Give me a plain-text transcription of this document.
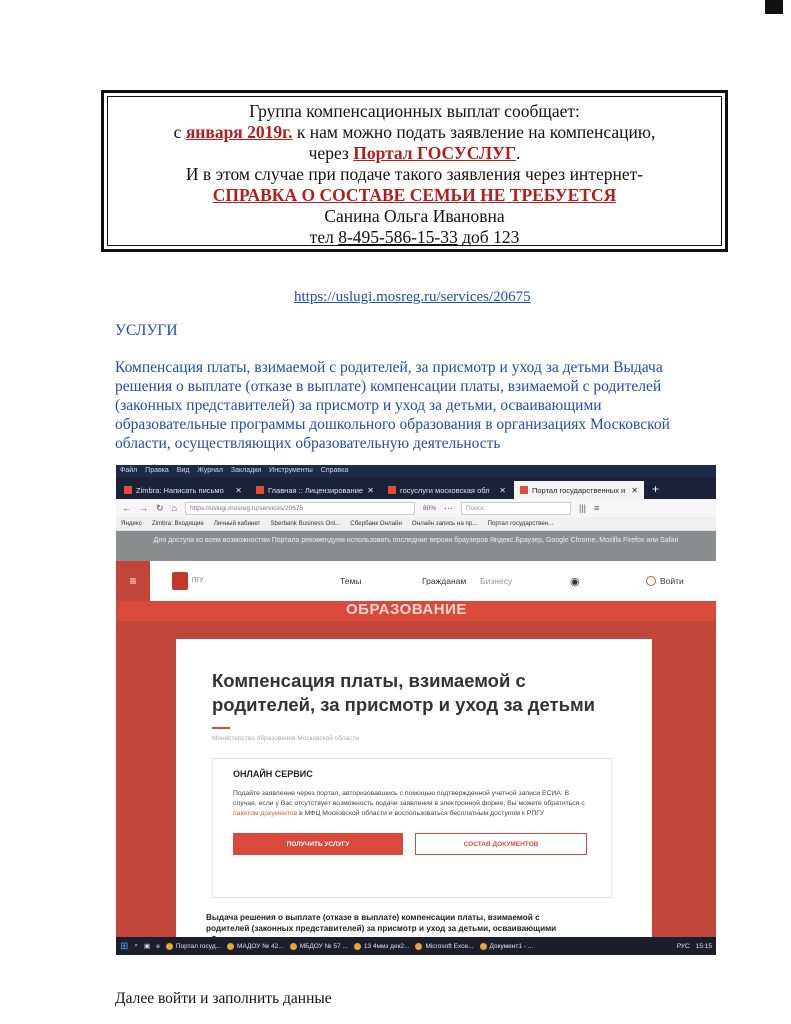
Группа компенсационных выплат сообщает:
с января 2019г. к нам можно подать заявление на компенсацию,
через Портал ГОСУСЛУГ.
И в этом случае при подаче такого заявления через интернет-
СПРАВКА О СОСТАВЕ СЕМЬИ НЕ ТРЕБУЕТСЯ
Санина Ольга Ивановна
тел 8-495-586-15-33 доб 123
https://uslugi.mosreg.ru/services/20675
УСЛУГИ
Компенсация платы, взимаемой с родителей, за присмотр и уход за детьми Выдача решения о выплате (отказе в выплате) компенсации платы, взимаемой с родителей (законных представителей) за присмотр и уход за детьми, осваивающими образовательные программы дошкольного образования в организациях Московской области, осуществляющих образовательную деятельность
Файл Правка Вид Журнал Закладки Инструменты Справка
Zimbra: Написать письмо ✕	Главная :: Лицензирование ✕	госуслуги московская обл ✕	Портал государственных и ✕	+
← → ↻ ⌂	https://uslugi.mosreg.ru/services/20675	80% ···	Поиск	||| ≡
Яндекс Zimbra: Входящие Личный кабинет Sberbank Business Onl... Сбербанк Онлайн Онлайн запись на пр... Портал государствен...
Для доступа ко всем возможностям Портала рекомендуем использовать последние версии браузеров Яндекс.Браузер, Google Chrome, Mozilla Firefox или Safari
≡	ПГУ	Темы	Гражданам Бизнесу	◉	Войти
ОБРАЗОВАНИЕ
Компенсация платы, взимаемой с родителей, за присмотр и уход за детьми
Министерство образования Московской области
ОНЛАЙН СЕРВИС
Подайте заявление через портал, авторизовавшись с помощью подтвержденной учетной записи ЕСИА. В случае, если у Вас отсутствует возможность подачи заявления в электронной форме, Вы можете обратиться с пакетом документов в МФЦ Московской области и воспользоваться бесплатным доступом к РПГУ
ПОЛУЧИТЬ УСЛУГУ	СОСТАВ ДОКУМЕНТОВ
Выдача решения о выплате (отказе в выплате) компенсации платы, взимаемой с родителей (законных представителей) за присмотр и уход за детьми, осваивающими
⊞ ⌕ ▣ e Портал госуд... МАДОУ № 42... МБДОУ № 57 ... 13 4ммз дек2... Microsoft Exce... Документ1 - ...	РУС 15:15
Далее войти и заполнить данные
